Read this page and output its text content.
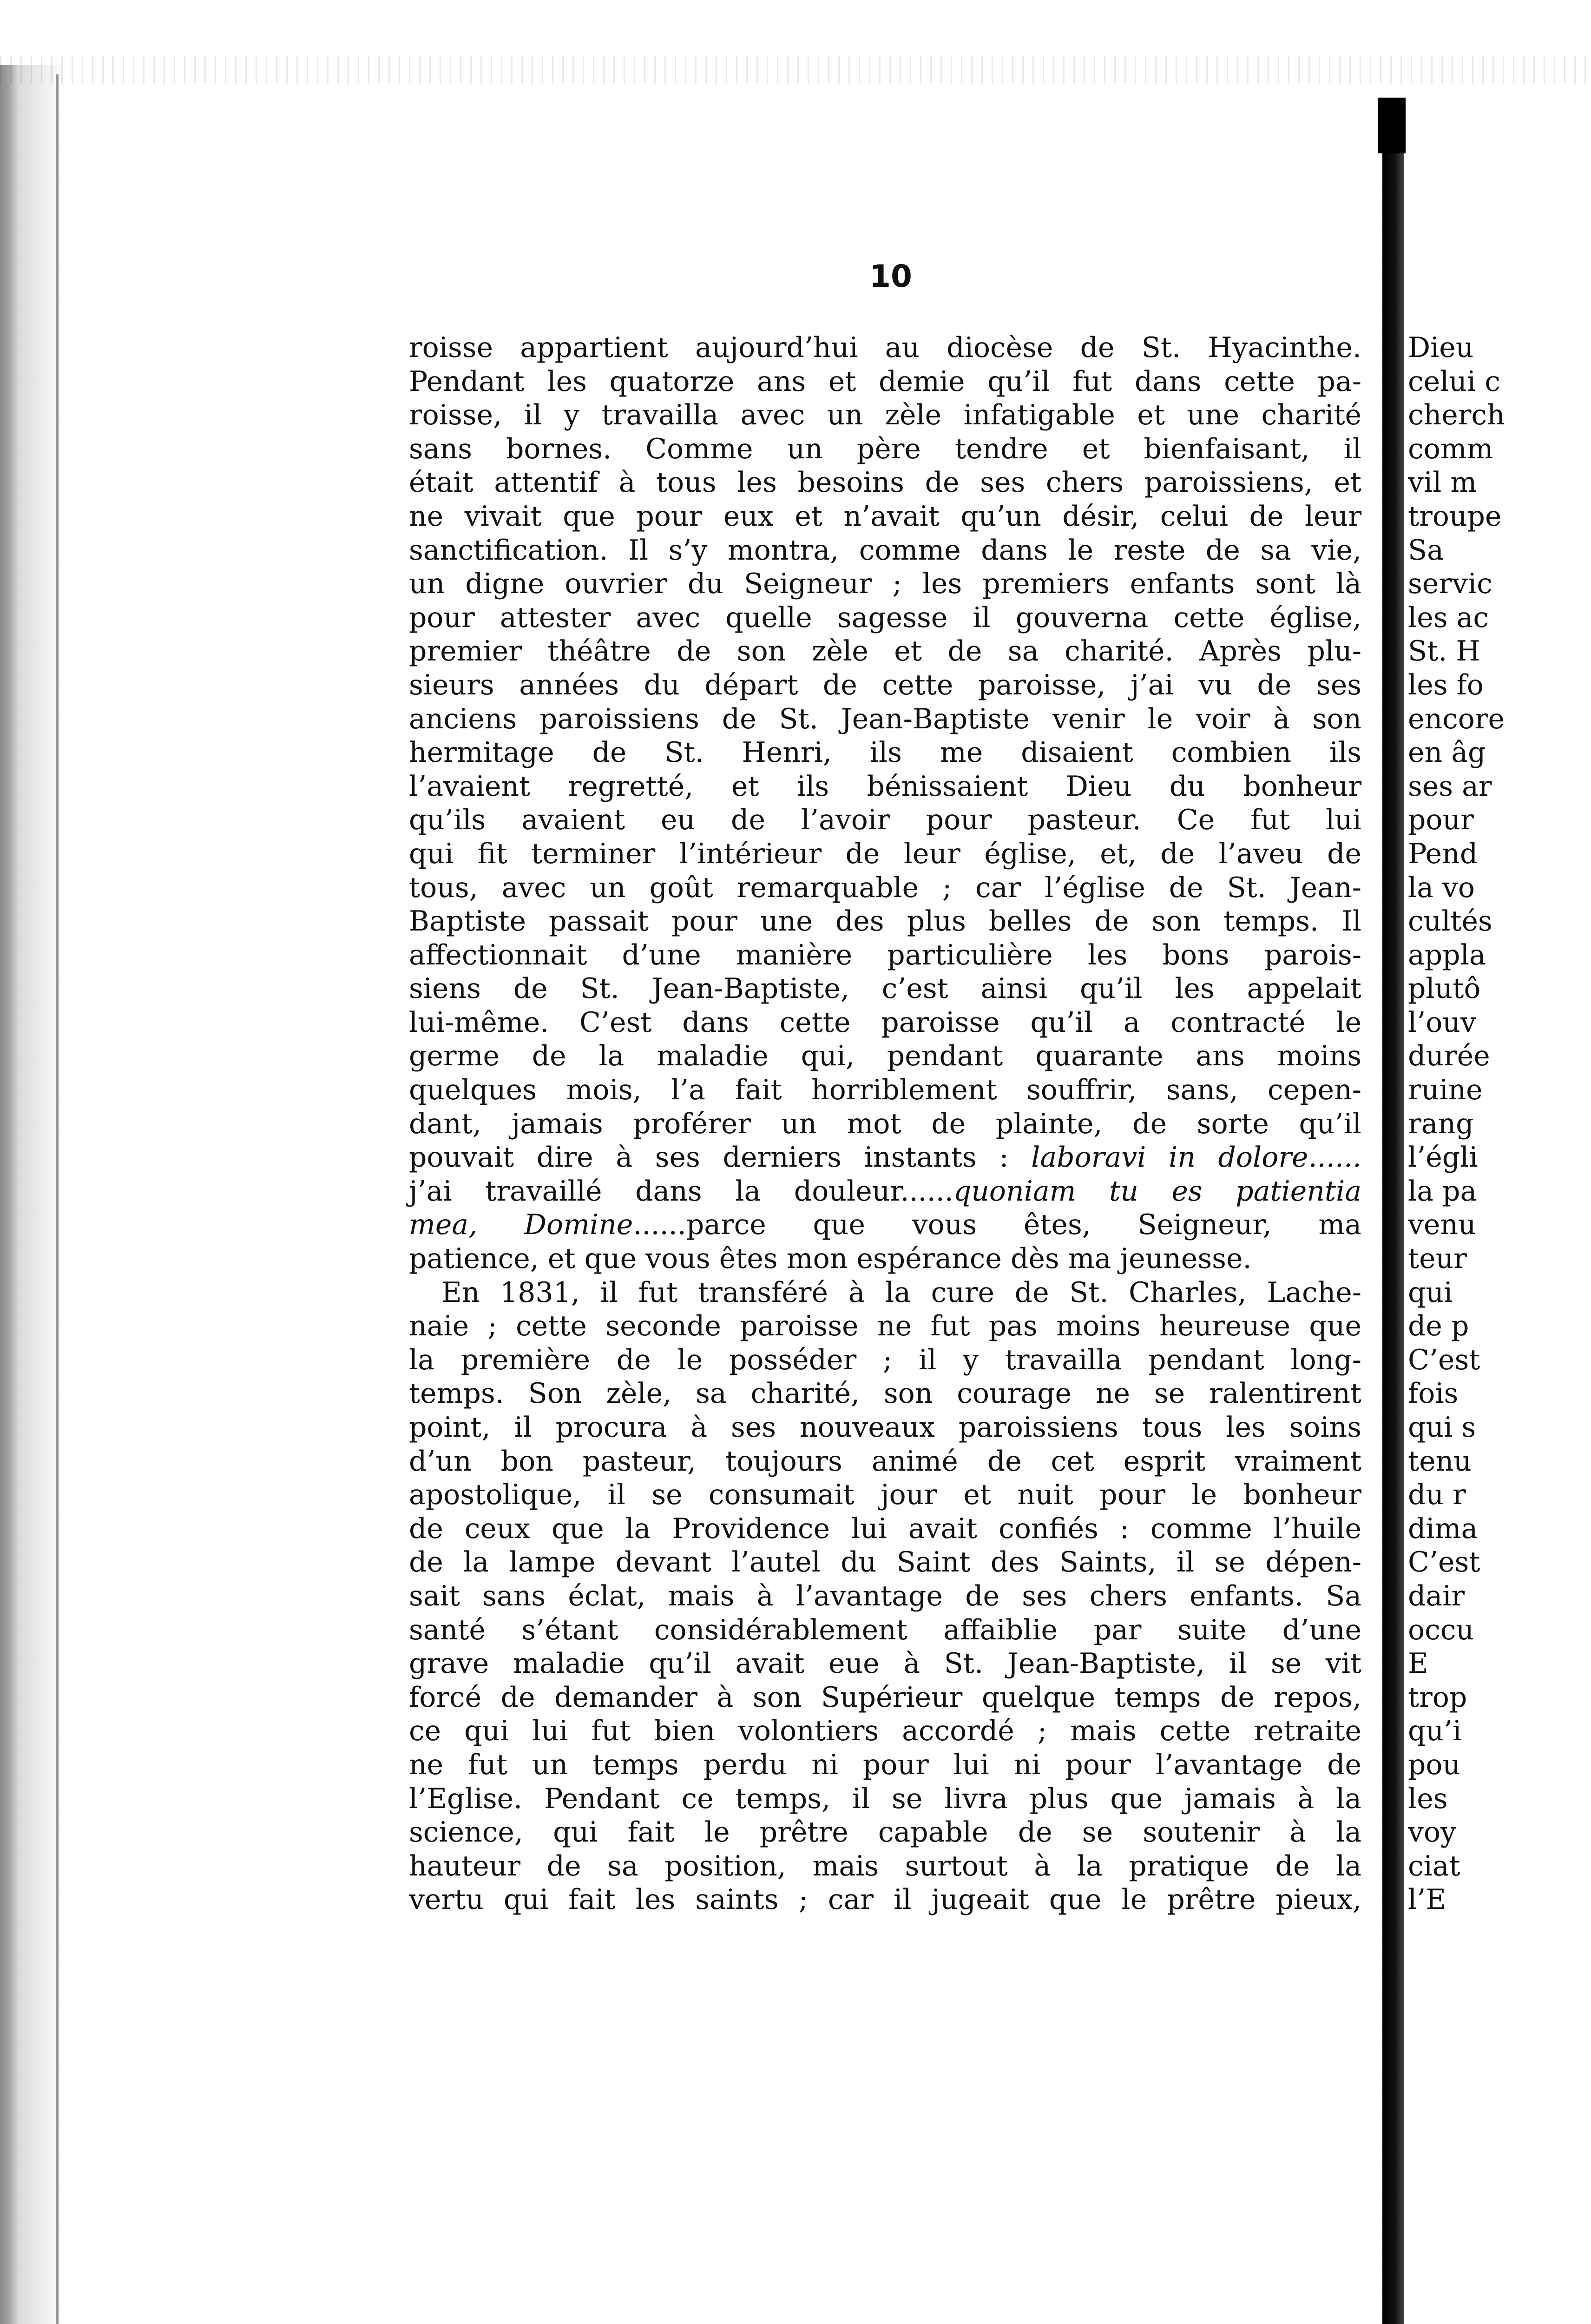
10
roisse appartient aujourd’hui au diocèse de St. Hyacinthe.
Pendant les quatorze ans et demie qu’il fut dans cette pa-
roisse, il y travailla avec un zèle infatigable et une charité
sans bornes. Comme un père tendre et bienfaisant, il
était attentif à tous les besoins de ses chers paroissiens, et
ne vivait que pour eux et n’avait qu’un désir, celui de leur
sanctification. Il s’y montra, comme dans le reste de sa vie,
un digne ouvrier du Seigneur ; les premiers enfants sont là
pour attester avec quelle sagesse il gouverna cette église,
premier théâtre de son zèle et de sa charité. Après plu-
sieurs années du départ de cette paroisse, j’ai vu de ses
anciens paroissiens de St. Jean-Baptiste venir le voir à son
hermitage de St. Henri, ils me disaient combien ils
l’avaient regretté, et ils bénissaient Dieu du bonheur
qu’ils avaient eu de l’avoir pour pasteur. Ce fut lui
qui fit terminer l’intérieur de leur église, et, de l’aveu de
tous, avec un goût remarquable ; car l’église de St. Jean-
Baptiste passait pour une des plus belles de son temps. Il
affectionnait d’une manière particulière les bons parois-
siens de St. Jean-Baptiste, c’est ainsi qu’il les appelait
lui-même. C’est dans cette paroisse qu’il a contracté le
germe de la maladie qui, pendant quarante ans moins
quelques mois, l’a fait horriblement souffrir, sans, cepen-
dant, jamais proférer un mot de plainte, de sorte qu’il
pouvait dire à ses derniers instants : laboravi in dolore......
j’ai travaillé dans la douleur......quoniam tu es patientia
mea, Domine......parce que vous êtes, Seigneur, ma
patience, et que vous êtes mon espérance dès ma jeunesse.
En 1831, il fut transféré à la cure de St. Charles, Lache-
naie ; cette seconde paroisse ne fut pas moins heureuse que
la première de le posséder ; il y travailla pendant long-
temps. Son zèle, sa charité, son courage ne se ralentirent
point, il procura à ses nouveaux paroissiens tous les soins
d’un bon pasteur, toujours animé de cet esprit vraiment
apostolique, il se consumait jour et nuit pour le bonheur
de ceux que la Providence lui avait confiés : comme l’huile
de la lampe devant l’autel du Saint des Saints, il se dépen-
sait sans éclat, mais à l’avantage de ses chers enfants. Sa
santé s’étant considérablement affaiblie par suite d’une
grave maladie qu’il avait eue à St. Jean-Baptiste, il se vit
forcé de demander à son Supérieur quelque temps de repos,
ce qui lui fut bien volontiers accordé ; mais cette retraite
ne fut un temps perdu ni pour lui ni pour l’avantage de
l’Eglise. Pendant ce temps, il se livra plus que jamais à la
science, qui fait le prêtre capable de se soutenir à la
hauteur de sa position, mais surtout à la pratique de la
vertu qui fait les saints ; car il jugeait que le prêtre pieux,
Dieu
celui c
cherch
comm
vil m
troupe
Sa
servic
les ac
St. H
les fo
encore
en âg
ses ar
pour
Pend
la vo
cultés
appla
plutô
l’ouv
durée
ruine
rang
l’égli
la pa
venu
teur
qui
de p
C’est
fois
qui s
tenu
du r
dima
C’est
dair
occu
E
trop
qu’i
pou
les
voy
ciat
l’E
